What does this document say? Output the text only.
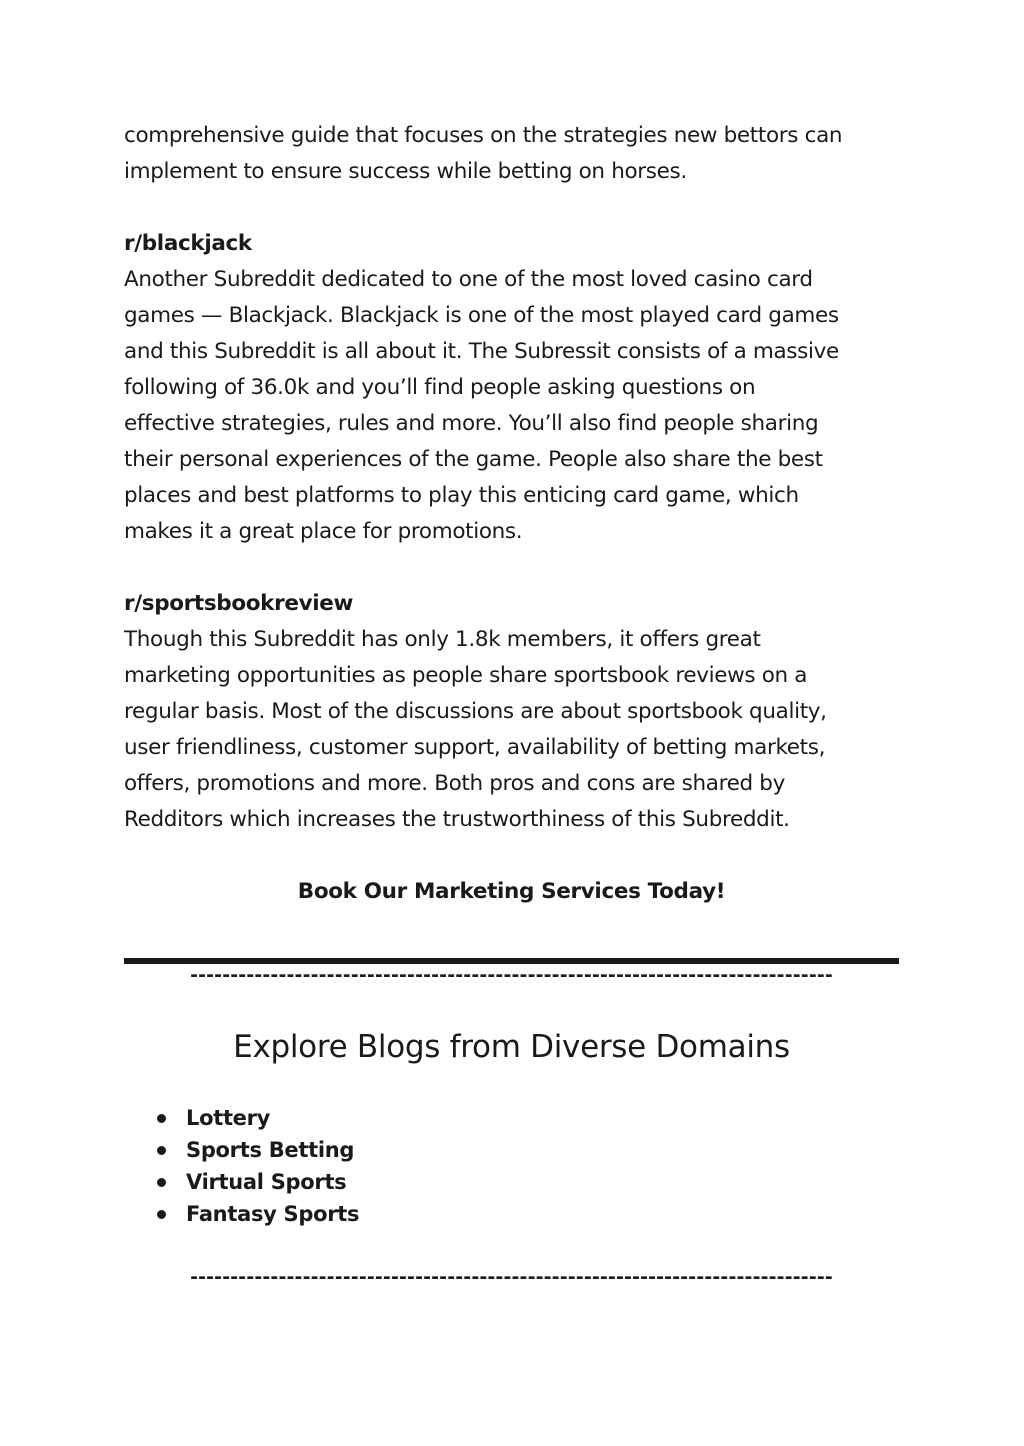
comprehensive guide that focuses on the strategies new bettors can

implement to ensure success while betting on horses.

r/blackjack

Another Subreddit dedicated to one of the most loved casino card

games — Blackjack. Blackjack is one of the most played card games

and this Subreddit is all about it. The Subressit consists of a massive

following of 36.0k and you’ll find people asking questions on

effective strategies, rules and more. You’ll also find people sharing

their personal experiences of the game. People also share the best

places and best platforms to play this enticing card game, which

makes it a great place for promotions.

r/sportsbookreview

Though this Subreddit has only 1.8k members, it offers great

marketing opportunities as people share sportsbook reviews on a

regular basis. Most of the discussions are about sportsbook quality,

user friendliness, customer support, availability of betting markets,

offers, promotions and more. Both pros and cons are shared by

Redditors which increases the trustworthiness of this Subreddit.

Book Our Marketing Services Today!

--------------------------------------------------------------------------------
Explore Blogs from Diverse Domains
Lottery
Sports Betting
Virtual Sports
Fantasy Sports
--------------------------------------------------------------------------------
